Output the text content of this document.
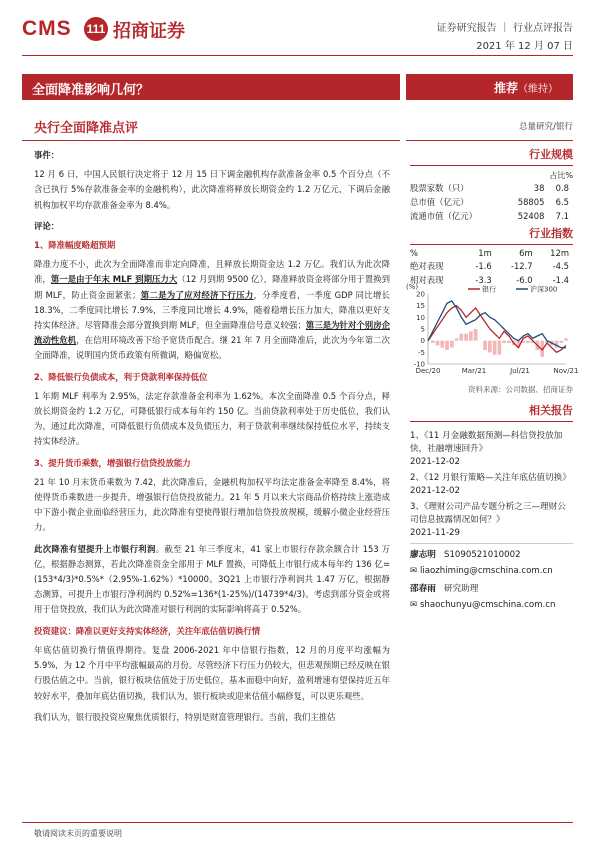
CMS 111 招商证券	证券研究报告 ｜ 行业点评报告
2021 年 12 月 07 日
全面降准影响几何？	推荐（维持）
央行全面降准点评	总量研究/银行
事件：

12 月 6 日，中国人民银行决定将于 12 月 15 日下调金融机构存款准备金率 0.5 个百分点（不含已执行 5%存款准备金率的金融机构），此次降准将释放长期资金约 1.2 万亿元，下调后金融机构加权平均存款准备金率为 8.4%。

评论：
1、降准幅度略超预期

降准力度不小，此次为全面降准而非定向降准，且释放长期资金达 1.2 万亿。我们认为此次降准，第一是由于年末 MLF 到期压力大（12 月到期 9500 亿），降准释放资金将部分用于置换到期 MLF，防止资金面紧张；第二是为了应对经济下行压力，分季度看，一季度 GDP 同比增长 18.3%，二季度同比增长 7.9%，三季度同比增长 4.9%，随着稳增长压力加大，降准以更好支持实体经济。尽管降准会部分置换到期 MLF，但全面降准信号意义较强；第三是为针对个别房企流动性危机，在信用环境改善下给予宽货币配合。继 21 年 7 月全面降准后，此次为今年第二次全面降准，说明国内货币政策有所微调，略偏宽松。

2、降低银行负债成本，利于贷款利率保持低位

1 年期 MLF 利率为 2.95%，法定存款准备金利率为 1.62%。本次全面降准 0.5 个百分点，释放长期资金约 1.2 万亿，可降低银行成本每年约 150 亿。当前贷款利率处于历史低位，我们认为，通过此次降准，可降低银行负债成本及负债压力，利于贷款利率继续保持低位水平，持续支持实体经济。

3、提升货币乘数，增强银行信贷投放能力

21 年 10 月末货币乘数为 7.42，此次降准后，金融机构加权平均法定准备金率降至 8.4%，将使得货币乘数进一步提升，增强银行信贷投放能力。21 年 5 月以来大宗商品价格持续上涨造成中下游小微企业面临经营压力，此次降准有望使得银行增加信贷投放规模，缓解小微企业经营压力。

此次降准有望提升上市银行利润。截至 21 年三季度末，41 家上市银行存款余额合计 153 万亿，根据静态测算，若此次降准资金全部用于 MLF 置换，可降低上市银行成本每年约 136 亿=(153*4/3)*0.5%*（2.95%-1.62%）*10000。3Q21 上市银行净利润共 1.47 万亿，根据静态测算，可提升上市银行净利润约 0.52%=136*(1-25%)/(14739*4/3)。考虑到部分资金或将用于信贷投放，我们认为此次降准对银行利润的实际影响将高于 0.52%。

投资建议：降准以更好支持实体经济，关注年底估值切换行情

年底估值切换行情值得期待。复盘 2006-2021 年中信银行指数，12 月的月度平均涨幅为 5.9%，为 12 个月中平均涨幅最高的月份。尽管经济下行压力仍较大，但悲观预期已经反映在银行股估值之中。当前，银行板块估值处于历史低位，基本面稳中向好，盈利增速有望保持近五年较好水平，叠加年底估值切换，我们认为，银行板块或迎来估值小幅修复，可以更乐观些。

我们认为，银行股投资应聚焦优质银行，特别是财富管理银行。当前，我们主推估

行业规模
占比%
股票家数（只）	38	0.8
总市值（亿元）	58805	6.5
流通市值（亿元）	52408	7.1
行业指数
%	1m	6m	12m
绝对表现	-1.6	-12.7	-4.5
相对表现	-3.3	-6.0	-1.4
(%)
20
15
10
5
0
-5
-10
Dec/20	Mar/21	Jul/21	Nov/21
银行	沪深300
资料来源：公司数据、招商证券
相关报告
1、《11 月金融数据预测—科信贷投放加快，社融增速回升》
2021-12-02
2、《12 月银行策略—关注年底估值切换》
2021-12-02
3、《理财公司产品专题分析之三—理财公司信息披露情况如何？》
2021-11-29
廖志明 S1090521010002
✉ liaozhiming@cmschina.com.cn
邵春雨 研究助理
✉ shaochunyu@cmschina.com.cn
敬请阅读末页的重要说明
